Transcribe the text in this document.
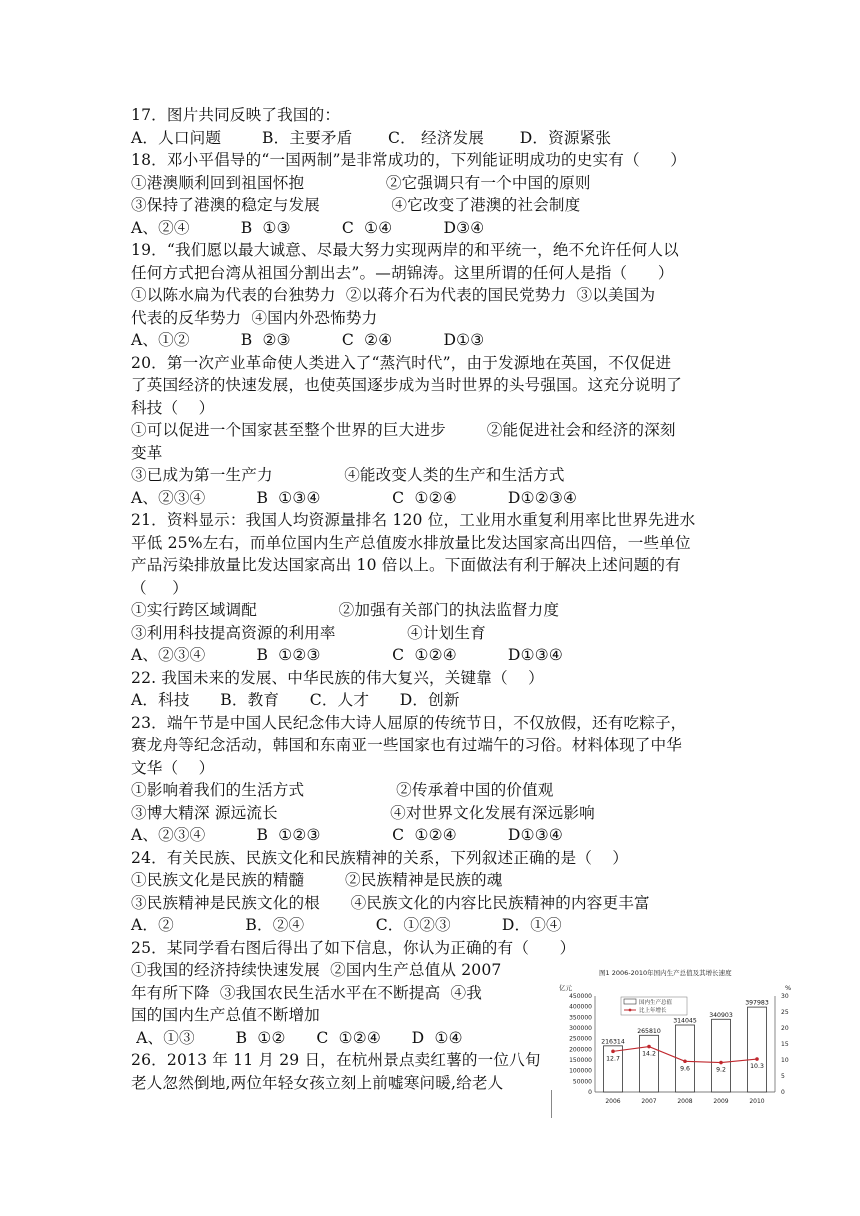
17．图片共同反映了我国的：
A．人口问题        B．主要矛盾       C． 经济发展       D．资源紧张
18．邓小平倡导的“一国两制”是非常成功的，下列能证明成功的史实有（      ）
①港澳顺利回到祖国怀抱                ②它强调只有一个中国的原则
③保持了港澳的稳定与发展              ④它改变了港澳的社会制度
A、②④          B  ①③          C  ①④          D③④
19．“我们愿以最大诚意、尽最大努力实现两岸的和平统一，绝不允许任何人以
任何方式把台湾从祖国分割出去”。—胡锦涛。这里所谓的任何人是指（      ）
①以陈水扁为代表的台独势力  ②以蒋介石为代表的国民党势力  ③以美国为
代表的反华势力  ④国内外恐怖势力
A、①②          B  ②③          C  ②④          D①③
20．第一次产业革命使人类进入了“蒸汽时代”，由于发源地在英国，不仅促进
了英国经济的快速发展，也使英国逐步成为当时世界的头号强国。这充分说明了
科技（    ）
①可以促进一个国家甚至整个世界的巨大进步        ②能促进社会和经济的深刻
变革
③已成为第一生产力              ④能改变人类的生产和生活方式
A、②③④          B  ①③④              C  ①②④          D①②③④
21．资料显示：我国人均资源量排名 120 位，工业用水重复利用率比世界先进水
平低 25%左右，而单位国内生产总值废水排放量比发达国家高出四倍，一些单位
产品污染排放量比发达国家高出 10 倍以上。下面做法有利于解决上述问题的有
（     ）
①实行跨区域调配                ②加强有关部门的执法监督力度
③利用科技提高资源的利用率              ④计划生育
A、②③④          B  ①②③              C  ①②④          D①③④
22. 我国未来的发展、中华民族的伟大复兴，关键靠（    ）
A．科技      B．教育      C．人才      D．创新
23．端午节是中国人民纪念伟大诗人屈原的传统节日，不仅放假，还有吃粽子，
赛龙舟等纪念活动，韩国和东南亚一些国家也有过端午的习俗。材料体现了中华
文华（    ）
①影响着我们的生活方式                  ②传承着中国的价值观
③博大精深 源远流长                      ④对世界文化发展有深远影响
A、②③④          B  ①②③              C  ①②④          D①③④
24．有关民族、民族文化和民族精神的关系，下列叙述正确的是（    ）
①民族文化是民族的精髓        ②民族精神是民族的魂
③民族精神是民族文化的根      ④民族文化的内容比民族精神的内容更丰富
A．②              B．②④              C．①②③          D．①④
25．某同学看右图后得出了如下信息，你认为正确的有（      ）
①我国的经济持续快速发展  ②国内生产总值从 2007
年有所下降  ③我国农民生活水平在不断提高  ④我
国的国内生产总值不断增加
A、①③        B  ①②      C  ①②④      D  ①④
26．2013 年 11 月 29 日，在杭州景点卖红薯的一位八旬
老人忽然倒地,两位年轻女孩立刻上前嘘寒问暖,给老人
图1 2006-2010年国内生产总值及其增长速度
亿元	%
0
50000
100000
150000
200000
250000
300000
350000
400000
450000
0
5
10
15
20
25
30
国内生产总值
比上年增长
216314
2006
265810
2007
314045
2008
340903
2009
397983
2010
12.7
14.2
9.6	9.2
10.3
